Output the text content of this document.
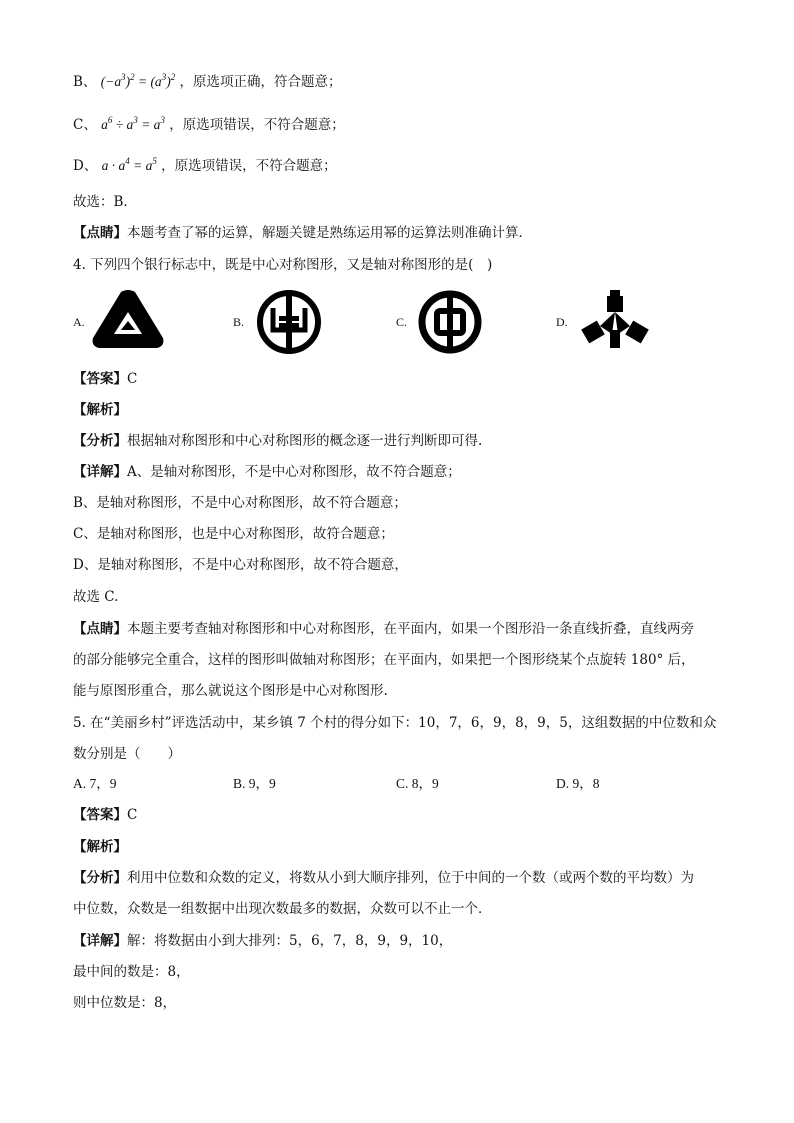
B、 $(-a^3)^2 = (a^3)^2$ ，原选项正确，符合题意；
C、 $a^6 \div a^3 = a^3$ ，原选项错误，不符合题意；
D、 $a \cdot a^4 = a^5$ ，原选项错误，不符合题意；
故选：B．
【点睛】本题考查了幂的运算，解题关键是熟练运用幂的运算法则准确计算．
4. 下列四个银行标志中，既是中心对称图形，又是轴对称图形的是(　)
A.	B.	C.	D.
【答案】C
【解析】
【分析】根据轴对称图形和中心对称图形的概念逐一进行判断即可得.
【详解】A、是轴对称图形，不是中心对称图形，故不符合题意；
B、是轴对称图形，不是中心对称图形，故不符合题意；
C、是轴对称图形，也是中心对称图形，故符合题意；
D、是轴对称图形，不是中心对称图形，故不符合题意，
故选 C.
【点睛】本题主要考查轴对称图形和中心对称图形，在平面内，如果一个图形沿一条直线折叠，直线两旁
的部分能够完全重合，这样的图形叫做轴对称图形；在平面内，如果把一个图形绕某个点旋转 180° 后，
能与原图形重合，那么就说这个图形是中心对称图形.
5. 在“美丽乡村”评选活动中，某乡镇 7 个村的得分如下：10，7，6，9，8，9，5，这组数据的中位数和众
数分别是（　　）
A. 7，9	B. 9，9	C. 8，9	D. 9，8
【答案】C
【解析】
【分析】利用中位数和众数的定义，将数从小到大顺序排列，位于中间的一个数（或两个数的平均数）为
中位数，众数是一组数据中出现次数最多的数据，众数可以不止一个．
【详解】解：将数据由小到大排列：5，6，7，8，9，9，10，
最中间的数是：8，
则中位数是：8，
